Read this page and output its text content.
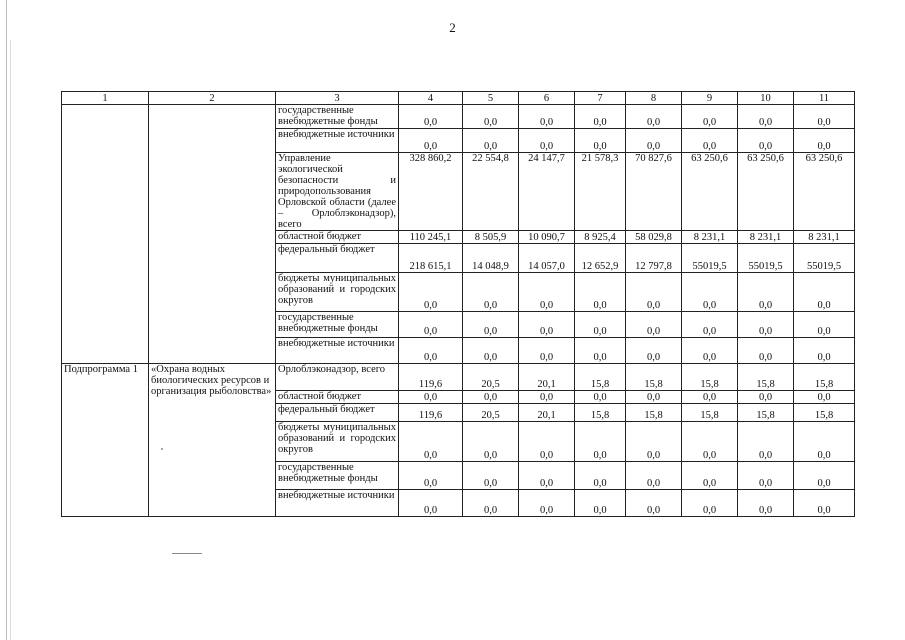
2
1	2	3	4	5	6	7	8	9	10	11
		государственные внебюджетные фонды	0,0	0,0	0,0	0,0	0,0	0,0	0,0	0,0
		внебюджетные источники	0,0	0,0	0,0	0,0	0,0	0,0	0,0	0,0
		Управление экологической безопасности и природопользования Орловской области (далее – Орлоблэконадзор), всего	328 860,2	22 554,8	24 147,7	21 578,3	70 827,6	63 250,6	63 250,6	63 250,6
		областной бюджет	110 245,1	8 505,9	10 090,7	8 925,4	58 029,8	8 231,1	8 231,1	8 231,1
		федеральный бюджет	218 615,1	14 048,9	14 057,0	12 652,9	12 797,8	55019,5	55019,5	55019,5
		бюджеты муниципальных образований и городских округов	0,0	0,0	0,0	0,0	0,0	0,0	0,0	0,0
		государственные внебюджетные фонды	0,0	0,0	0,0	0,0	0,0	0,0	0,0	0,0
		внебюджетные источники	0,0	0,0	0,0	0,0	0,0	0,0	0,0	0,0
Подпрограмма 1	«Охрана водных биологических ресурсов и организация рыболовства»	Орлоблэконадзор, всего	119,6	20,5	20,1	15,8	15,8	15,8	15,8	15,8
		областной бюджет	0,0	0,0	0,0	0,0	0,0	0,0	0,0	0,0
		федеральный бюджет	119,6	20,5	20,1	15,8	15,8	15,8	15,8	15,8
		бюджеты муниципальных образований и городских округов	0,0	0,0	0,0	0,0	0,0	0,0	0,0	0,0
		государственные внебюджетные фонды	0,0	0,0	0,0	0,0	0,0	0,0	0,0	0,0
		внебюджетные источники	0,0	0,0	0,0	0,0	0,0	0,0	0,0	0,0
